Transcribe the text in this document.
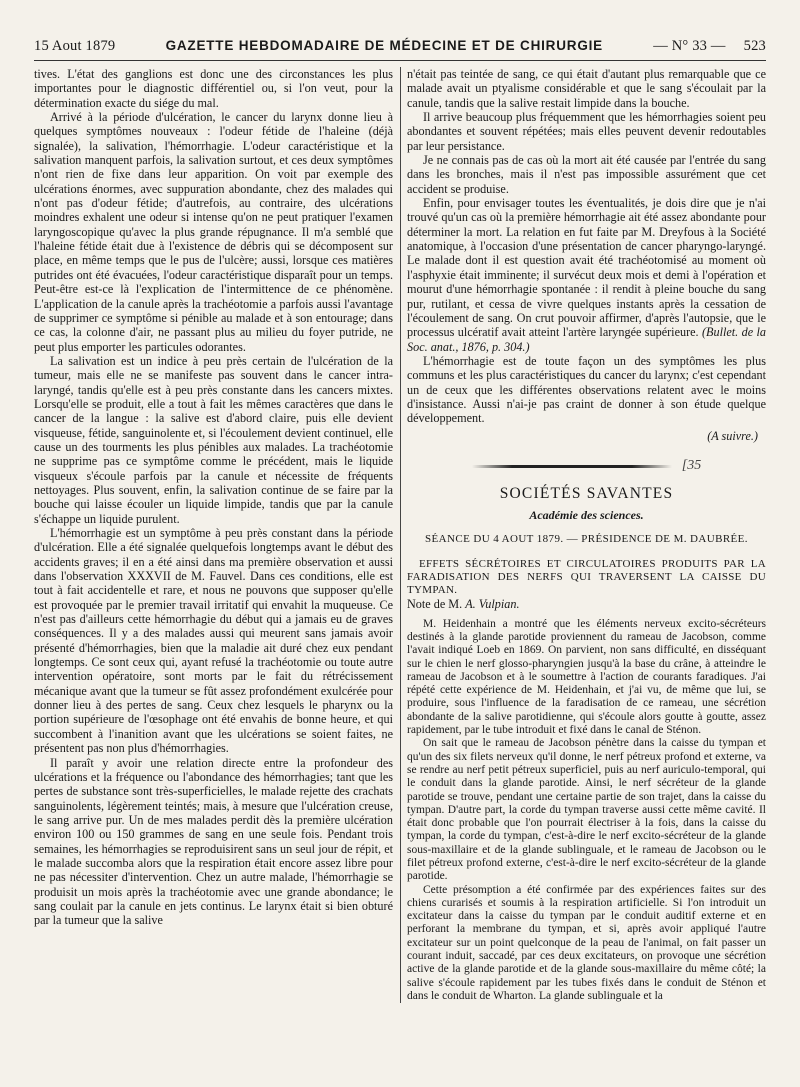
15 Aout 1879	GAZETTE HEBDOMADAIRE DE MÉDECINE ET DE CHIRURGIE	— N° 33 — 523

tives. L'état des ganglions est donc une des circonstances les plus importantes pour le diagnostic différentiel ou, si l'on veut, pour la détermination exacte du siége du mal.

Arrivé à la période d'ulcération, le cancer du larynx donne lieu à quelques symptômes nouveaux : l'odeur fétide de l'haleine (déjà signalée), la salivation, l'hémorrhagie. L'odeur caractéristique et la salivation manquent parfois, la salivation surtout, et ces deux symptômes n'ont rien de fixe dans leur apparition. On voit par exemple des ulcérations énormes, avec suppuration abondante, chez des malades qui n'ont pas d'odeur fétide; d'autrefois, au contraire, des ulcérations moindres exhalent une odeur si intense qu'on ne peut pratiquer l'examen laryngoscopique qu'avec la plus grande répugnance. Il m'a semblé que l'haleine fétide était due à l'existence de débris qui se décomposent sur place, en même temps que le pus de l'ulcère; aussi, lorsque ces matières putrides ont été évacuées, l'odeur caractéristique disparaît pour un temps. Peut-être est-ce là l'explication de l'intermittence de ce phénomène. L'application de la canule après la trachéotomie a parfois aussi l'avantage de supprimer ce symptôme si pénible au malade et à son entourage; dans ce cas, la colonne d'air, ne passant plus au milieu du foyer putride, ne peut plus emporter les particules odorantes.

La salivation est un indice à peu près certain de l'ulcération de la tumeur, mais elle ne se manifeste pas souvent dans le cancer intra-laryngé, tandis qu'elle est à peu près constante dans les cancers mixtes. Lorsqu'elle se produit, elle a tout à fait les mêmes caractères que dans le cancer de la langue : la salive est d'abord claire, puis elle devient visqueuse, fétide, sanguinolente et, si l'écoulement devient continuel, elle cause un des tourments les plus pénibles aux malades. La trachéotomie ne supprime pas ce symptôme comme le précédent, mais le liquide visqueux s'écoule parfois par la canule et nécessite de fréquents nettoyages. Plus souvent, enfin, la salivation continue de se faire par la bouche qui laisse écouler un liquide limpide, tandis que par la canule s'échappe un liquide purulent.

L'hémorrhagie est un symptôme à peu près constant dans la période d'ulcération. Elle a été signalée quelquefois longtemps avant le début des accidents graves; il en a été ainsi dans ma première observation et aussi dans l'observation XXXVII de M. Fauvel. Dans ces conditions, elle est tout à fait accidentelle et rare, et nous ne pouvons que supposer qu'elle est provoquée par le premier travail irritatif qui envahit la muqueuse. Ce n'est pas d'ailleurs cette hémorrhagie du début qui a jamais eu de graves conséquences. Il y a des malades aussi qui meurent sans jamais avoir présenté d'hémorrhagies, bien que la maladie ait duré chez eux pendant longtemps. Ce sont ceux qui, ayant refusé la trachéotomie ou toute autre intervention opératoire, sont morts par le fait du rétrécissement mécanique avant que la tumeur se fût assez profondément exulcérée pour donner lieu à des pertes de sang. Ceux chez lesquels le pharynx ou la portion supérieure de l'œsophage ont été envahis de bonne heure, et qui succombent à l'inanition avant que les ulcérations se soient faites, ne présentent pas non plus d'hémorrhagies.

Il paraît y avoir une relation directe entre la profondeur des ulcérations et la fréquence ou l'abondance des hémorrhagies; tant que les pertes de substance sont très-superficielles, le malade rejette des crachats sanguinolents, légèrement teintés; mais, à mesure que l'ulcération creuse, le sang arrive pur. Un de mes malades perdit dès la première ulcération environ 100 ou 150 grammes de sang en une seule fois. Pendant trois semaines, les hémorrhagies se reproduisirent sans un seul jour de répit, et le malade succomba alors que la respiration était encore assez libre pour ne pas nécessiter d'intervention. Chez un autre malade, l'hémorrhagie se produisit un mois après la trachéotomie avec une grande abondance; le sang coulait par la canule en jets continus. Le larynx était si bien obturé par la tumeur que la salive

n'était pas teintée de sang, ce qui était d'autant plus remarquable que ce malade avait un ptyalisme considérable et que le sang s'écoulait par la canule, tandis que la salive restait limpide dans la bouche.

Il arrive beaucoup plus fréquemment que les hémorrhagies soient peu abondantes et souvent répétées; mais elles peuvent devenir redoutables par leur persistance.

Je ne connais pas de cas où la mort ait été causée par l'entrée du sang dans les bronches, mais il n'est pas impossible assurément que cet accident se produise.

Enfin, pour envisager toutes les éventualités, je dois dire que je n'ai trouvé qu'un cas où la première hémorrhagie ait été assez abondante pour déterminer la mort. La relation en fut faite par M. Dreyfous à la Société anatomique, à l'occasion d'une présentation de cancer pharyngo-laryngé. Le malade dont il est question avait été trachéotomisé au moment où l'asphyxie était imminente; il survécut deux mois et demi à l'opération et mourut d'une hémorrhagie spontanée : il rendit à pleine bouche du sang pur, rutilant, et cessa de vivre quelques instants après la cessation de l'écoulement de sang. On crut pouvoir affirmer, d'après l'autopsie, que le processus ulcératif avait atteint l'artère laryngée supérieure. (Bullet. de la Soc. anat., 1876, p. 304.)

L'hémorrhagie est de toute façon un des symptômes les plus communs et les plus caractéristiques du cancer du larynx; c'est cependant un de ceux que les différentes observations relatent avec le moins d'insistance. Aussi n'ai-je pas craint de donner à son étude quelque développement.

(A suivre.)
[35
SOCIÉTÉS SAVANTES
Académie des sciences.
SÉANCE DU 4 AOUT 1879. — PRÉSIDENCE DE M. DAUBRÉE.
EFFETS SÉCRÉTOIRES ET CIRCULATOIRES PRODUITS PAR LA FARADISATION DES NERFS QUI TRAVERSENT LA CAISSE DU TYMPAN.
Note de M. A. Vulpian.

M. Heidenhain a montré que les éléments nerveux excito-sécréteurs destinés à la glande parotide proviennent du rameau de Jacobson, comme l'avait indiqué Loeb en 1869. On parvient, non sans difficulté, en disséquant sur le chien le nerf glosso-pharyngien jusqu'à la base du crâne, à atteindre le rameau de Jacobson et à le soumettre à l'action de courants faradiques. J'ai répété cette expérience de M. Heidenhain, et j'ai vu, de même que lui, se produire, sous l'influence de la faradisation de ce rameau, une sécrétion abondante de la salive parotidienne, qui s'écoule alors goutte à goutte, assez rapidement, par le tube introduit et fixé dans le canal de Sténon.

On sait que le rameau de Jacobson pénètre dans la caisse du tympan et qu'un des six filets nerveux qu'il donne, le nerf pétreux profond et externe, va se rendre au nerf petit pétreux superficiel, puis au nerf auriculo-temporal, qui le conduit dans la glande parotide. Ainsi, le nerf sécréteur de la glande parotide se trouve, pendant une certaine partie de son trajet, dans la caisse du tympan. D'autre part, la corde du tympan traverse aussi cette même cavité. Il était donc probable que l'on pourrait électriser à la fois, dans la caisse du tympan, la corde du tympan, c'est-à-dire le nerf excito-sécréteur de la glande sous-maxillaire et de la glande sublinguale, et le rameau de Jacobson ou le filet pétreux profond externe, c'est-à-dire le nerf excito-sécréteur de la glande parotide.

Cette présomption a été confirmée par des expériences faites sur des chiens curarisés et soumis à la respiration artificielle. Si l'on introduit un excitateur dans la caisse du tympan par le conduit auditif externe et en perforant la membrane du tympan, et si, après avoir appliqué l'autre excitateur sur un point quelconque de la peau de l'animal, on fait passer un courant induit, saccadé, par ces deux excitateurs, on provoque une sécrétion active de la glande parotide et de la glande sous-maxillaire du même côté; la salive s'écoule rapidement par les tubes fixés dans le conduit de Sténon et dans le conduit de Wharton. La glande sublinguale et la
